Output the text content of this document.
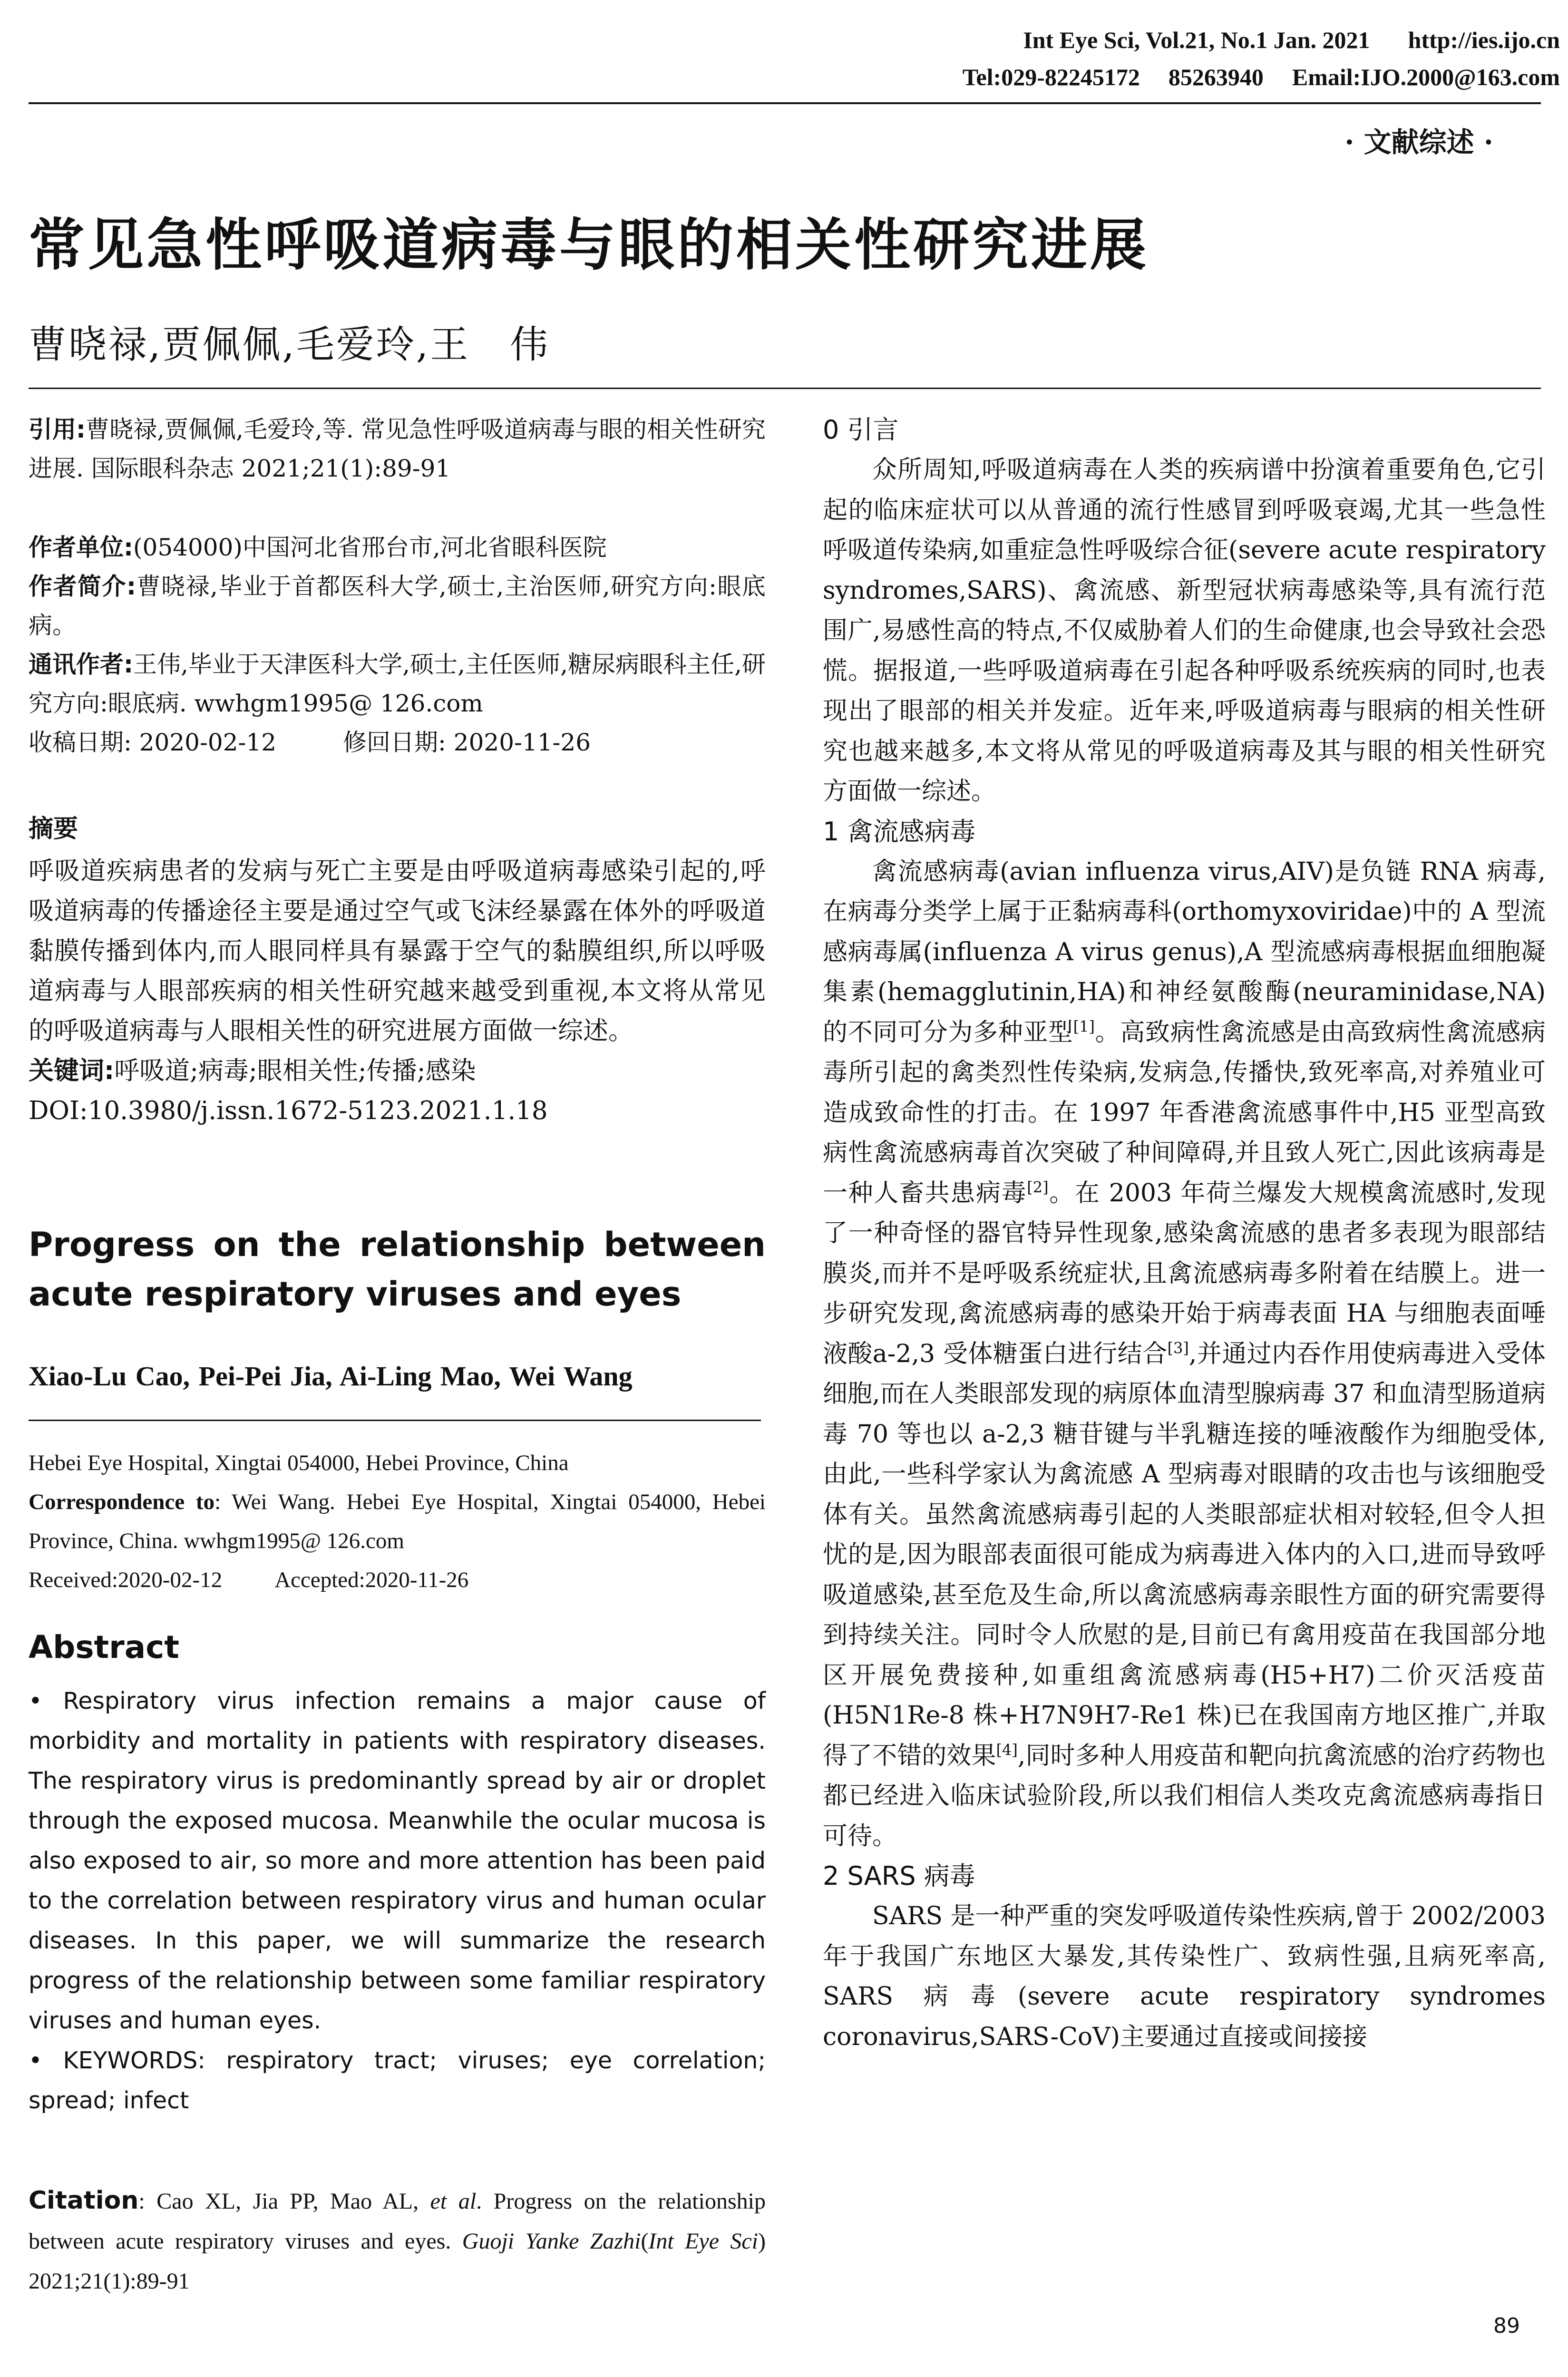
Int Eye Sci, Vol.21, No.1 Jan. 2021 http://ies.ijo.cn
Tel:029-82245172 85263940 Email:IJO.2000@163.com
· 文献综述 ·
常见急性呼吸道病毒与眼的相关性研究进展
曹晓禄,贾佩佩,毛爱玲,王　伟

引用:曹晓禄,贾佩佩,毛爱玲,等. 常见急性呼吸道病毒与眼的相关性研究进展. 国际眼科杂志 2021;21(1):89-91

作者单位:(054000)中国河北省邢台市,河北省眼科医院

作者简介:曹晓禄,毕业于首都医科大学,硕士,主治医师,研究方向:眼底病。

通讯作者:王伟,毕业于天津医科大学,硕士,主任医师,糖尿病眼科主任,研究方向:眼底病. wwhgm1995@ 126.com

收稿日期: 2020-02-12	修回日期: 2020-11-26

摘要

呼吸道疾病患者的发病与死亡主要是由呼吸道病毒感染引起的,呼吸道病毒的传播途径主要是通过空气或飞沫经暴露在体外的呼吸道黏膜传播到体内,而人眼同样具有暴露于空气的黏膜组织,所以呼吸道病毒与人眼部疾病的相关性研究越来越受到重视,本文将从常见的呼吸道病毒与人眼相关性的研究进展方面做一综述。

关键词:呼吸道;病毒;眼相关性;传播;感染

DOI:10.3980/j.issn.1672-5123.2021.1.18

Progress on the relationship between acute respiratory viruses and eyes
Xiao-Lu Cao, Pei-Pei Jia, Ai-Ling Mao, Wei Wang

Hebei Eye Hospital, Xingtai 054000, Hebei Province, China

Correspondence to: Wei Wang. Hebei Eye Hospital, Xingtai 054000, Hebei Province, China. wwhgm1995@ 126.com

Received:2020-02-12 Accepted:2020-11-26

Abstract

• Respiratory virus infection remains a major cause of morbidity and mortality in patients with respiratory diseases. The respiratory virus is predominantly spread by air or droplet through the exposed mucosa. Meanwhile the ocular mucosa is also exposed to air, so more and more attention has been paid to the correlation between respiratory virus and human ocular diseases. In this paper, we will summarize the research progress of the relationship between some familiar respiratory viruses and human eyes.

• KEYWORDS: respiratory tract; viruses; eye correlation; spread; infect

Citation: Cao XL, Jia PP, Mao AL, et al. Progress on the relationship between acute respiratory viruses and eyes. Guoji Yanke Zazhi(Int Eye Sci) 2021;21(1):89-91
0 引言

众所周知,呼吸道病毒在人类的疾病谱中扮演着重要角色,它引起的临床症状可以从普通的流行性感冒到呼吸衰竭,尤其一些急性呼吸道传染病,如重症急性呼吸综合征(severe acute respiratory syndromes,SARS)、禽流感、新型冠状病毒感染等,具有流行范围广,易感性高的特点,不仅威胁着人们的生命健康,也会导致社会恐慌。据报道,一些呼吸道病毒在引起各种呼吸系统疾病的同时,也表现出了眼部的相关并发症。近年来,呼吸道病毒与眼病的相关性研究也越来越多,本文将从常见的呼吸道病毒及其与眼的相关性研究方面做一综述。

1 禽流感病毒

禽流感病毒(avian influenza virus,AIV)是负链 RNA 病毒,在病毒分类学上属于正黏病毒科(orthomyxoviridae)中的 A 型流感病毒属(influenza A virus genus),A 型流感病毒根据血细胞凝集素(hemagglutinin,HA)和神经氨酸酶(neuraminidase,NA)的不同可分为多种亚型[1]。高致病性禽流感是由高致病性禽流感病毒所引起的禽类烈性传染病,发病急,传播快,致死率高,对养殖业可造成致命性的打击。在 1997 年香港禽流感事件中,H5 亚型高致病性禽流感病毒首次突破了种间障碍,并且致人死亡,因此该病毒是一种人畜共患病毒[2]。在 2003 年荷兰爆发大规模禽流感时,发现了一种奇怪的器官特异性现象,感染禽流感的患者多表现为眼部结膜炎,而并不是呼吸系统症状,且禽流感病毒多附着在结膜上。进一步研究发现,禽流感病毒的感染开始于病毒表面 HA 与细胞表面唾液酸a-2,3 受体糖蛋白进行结合[3],并通过内吞作用使病毒进入受体细胞,而在人类眼部发现的病原体血清型腺病毒 37 和血清型肠道病毒 70 等也以 a-2,3 糖苷键与半乳糖连接的唾液酸作为细胞受体,由此,一些科学家认为禽流感 A 型病毒对眼睛的攻击也与该细胞受体有关。虽然禽流感病毒引起的人类眼部症状相对较轻,但令人担忧的是,因为眼部表面很可能成为病毒进入体内的入口,进而导致呼吸道感染,甚至危及生命,所以禽流感病毒亲眼性方面的研究需要得到持续关注。同时令人欣慰的是,目前已有禽用疫苗在我国部分地区开展免费接种,如重组禽流感病毒(H5+H7)二价灭活疫苗(H5N1Re-8 株+H7N9H7-Re1 株)已在我国南方地区推广,并取得了不错的效果[4],同时多种人用疫苗和靶向抗禽流感的治疗药物也都已经进入临床试验阶段,所以我们相信人类攻克禽流感病毒指日可待。

2 SARS 病毒

SARS 是一种严重的突发呼吸道传染性疾病,曾于 2002/2003 年于我国广东地区大暴发,其传染性广、致病性强,且病死率高, SARS 病毒(severe acute respiratory syndromes coronavirus,SARS-CoV)主要通过直接或间接接

89
